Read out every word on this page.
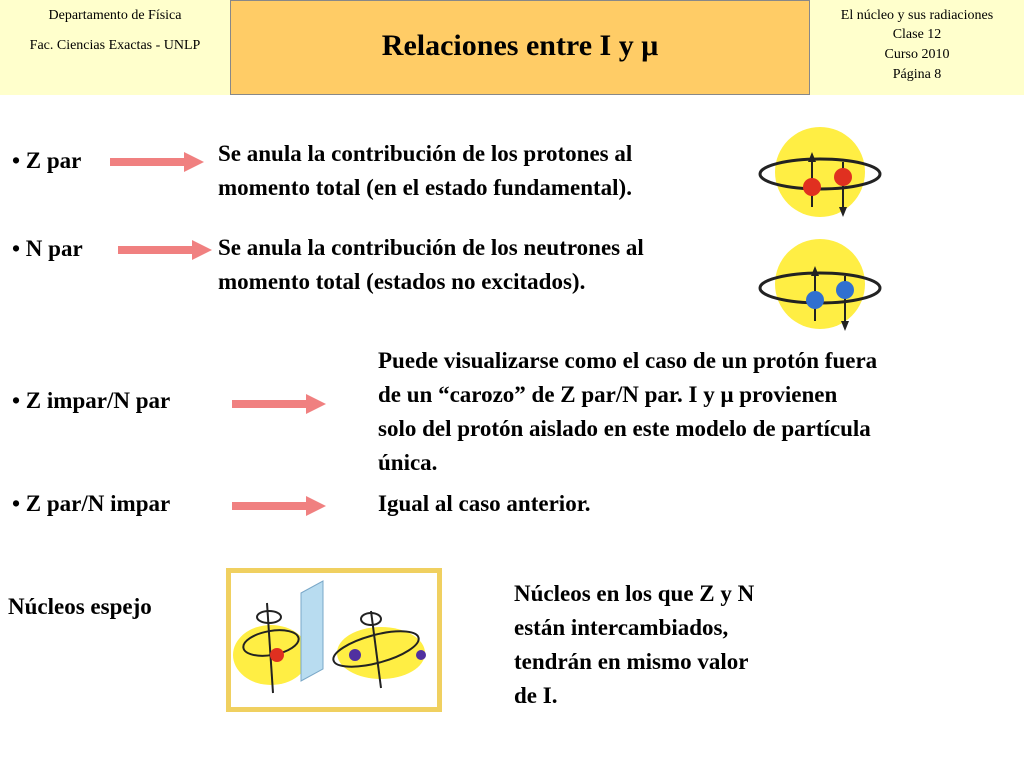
Departamento de Física
Fac. Ciencias Exactas - UNLP	Relaciones entre I y μ
El núcleo y sus radiaciones
Clase 12
Curso 2010
Página 8
• Z par	Se anula la contribución de los protones al
momento total (en el estado fundamental).
• N par	Se anula la contribución de los neutrones al
momento total (estados no excitados).
• Z impar/N par
Puede visualizarse como el caso de un protón fuera
de un “carozo” de Z par/N par. I y μ provienen
solo del protón aislado en este modelo de partícula
única.
• Z par/N impar	Igual al caso anterior.
Núcleos espejo
Núcleos en los que Z y N
están intercambiados,
tendrán en mismo valor
de I.
